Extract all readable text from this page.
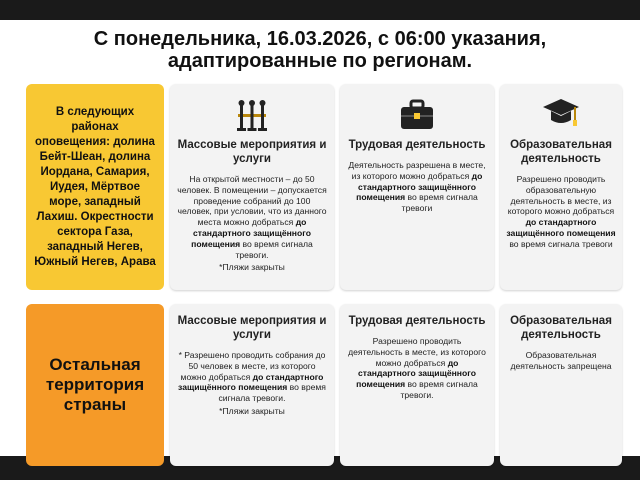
С понедельника, 16.03.2026, с 06:00 указания,
адаптированные по регионам.
В следующих районах оповещения: долина Бейт-Шеан, долина Иордана, Самария, Иудея, Мёртвое море, западный Лахиш. Окрестности сектора Газа, западный Негев, Южный Негев, Арава
Массовые мероприятия и услуги
На открытой местности – до 50 человек. В помещении – допускается проведение собраний до 100 человек, при условии, что из данного места можно добраться до стандартного защищённого помещения во время сигнала тревоги.
*Пляжи закрыты
Трудовая деятельность
Деятельность разрешена в месте, из которого можно добраться до стандартного защищённого помещения во время сигнала тревоги
Образовательная деятельность
Разрешено проводить образовательную деятельность в месте, из которого можно добраться до стандартного защищённого помещения во время сигнала тревоги
Остальная территория страны
Массовые мероприятия и услуги
* Разрешено проводить собрания до 50 человек в месте, из которого можно добраться до стандартного защищённого помещения во время сигнала тревоги.
*Пляжи закрыты
Трудовая деятельность
Разрешено проводить деятельность в месте, из которого можно добраться до стандартного защищённого помещения во время сигнала тревоги.
Образовательная деятельность
Образовательная деятельность запрещена
